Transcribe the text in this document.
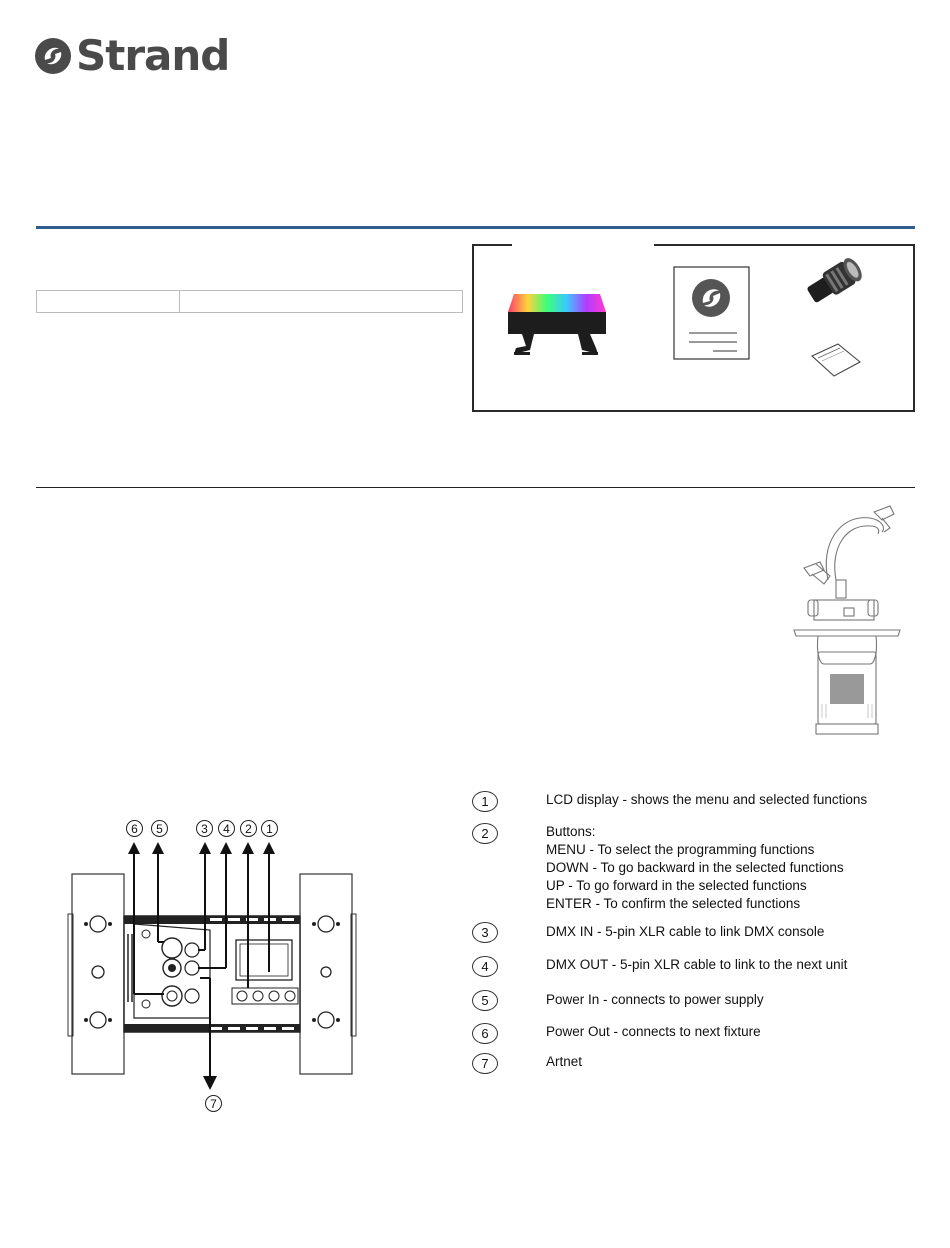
Strand
6	5	3	4	2	1
7
1	LCD display - shows the menu and selected functions
2	Buttons:
MENU - To select the programming functions
DOWN - To go backward in the selected functions
UP - To go forward in the selected functions
ENTER - To confirm the selected functions
3	DMX IN - 5-pin XLR cable to link DMX console
4	DMX OUT - 5-pin XLR cable to link to the next unit
5	Power In - connects to power supply
6	Power Out - connects to next fixture
7	Artnet
